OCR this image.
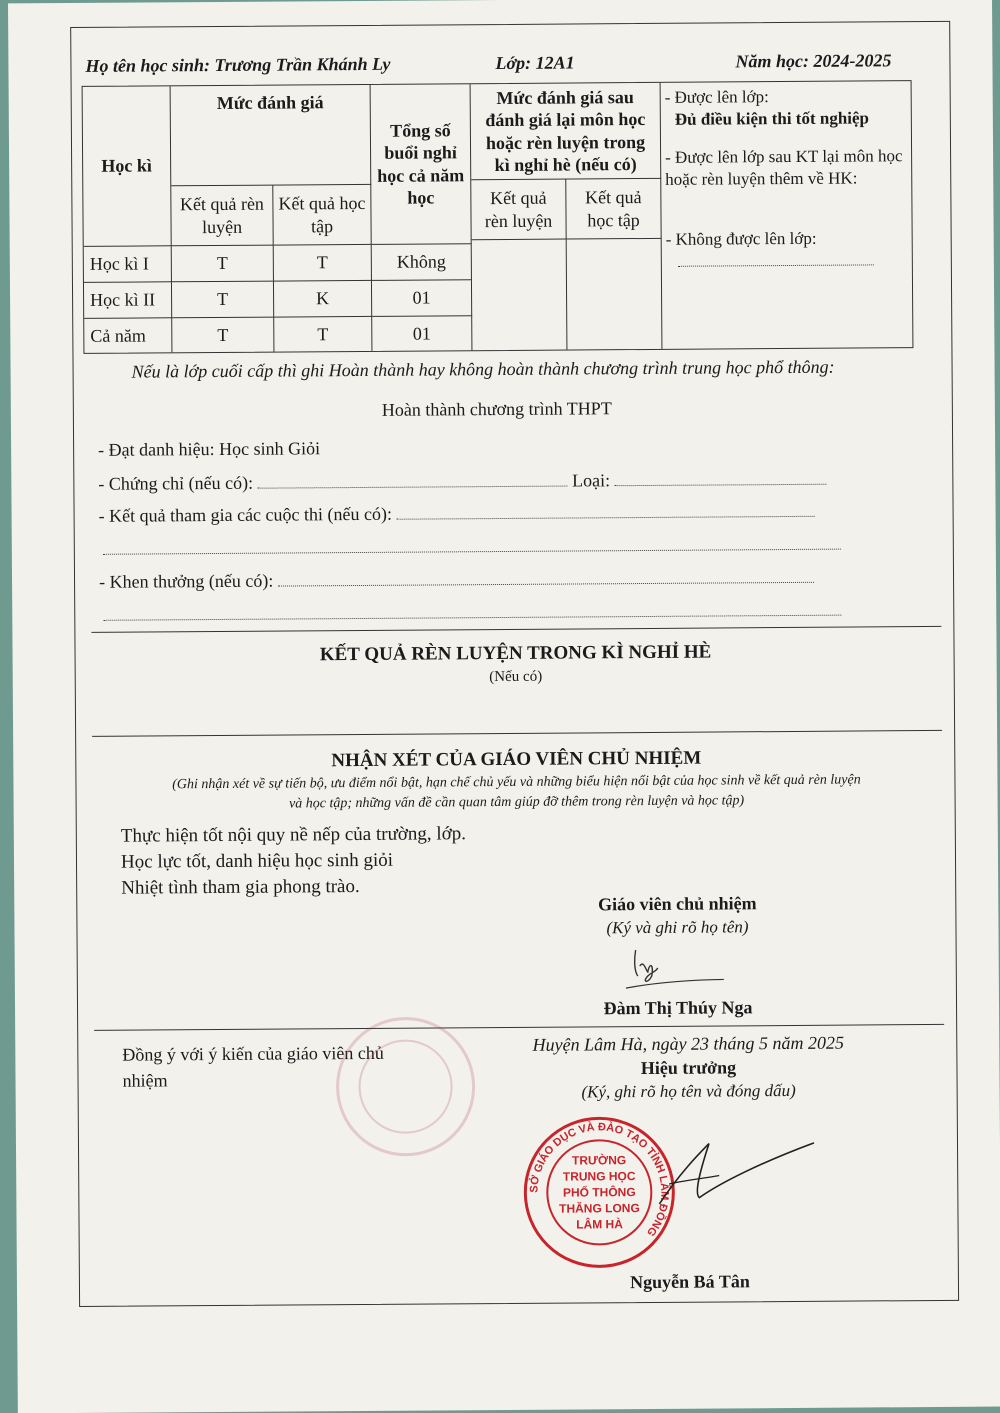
Họ tên học sinh: Trương Trần Khánh Ly	Lớp: 12A1	Năm học: 2024-2025
Học kì
Mức đánh giá
Kết quả rèn luyện
Kết quả học tập
Tổng số buổi nghỉ học cả năm học
Mức đánh giá sau đánh giá lại môn học hoặc rèn luyện trong kì nghỉ hè (nếu có)
Kết quả rèn luyện
Kết quả học tập
Học kì I	T	T	Không
Học kì II	T	K	01
Cả năm	T	T	01
- Được lên lớp:
Đủ điều kiện thi tốt nghiệp
- Được lên lớp sau KT lại môn học hoặc rèn luyện thêm về HK:
- Không được lên lớp:
Nếu là lớp cuối cấp thì ghi Hoàn thành hay không hoàn thành chương trình trung học phổ thông:
Hoàn thành chương trình THPT
- Đạt danh hiệu: Học sinh Giỏi
- Chứng chỉ (nếu có):	Loại:
- Kết quả tham gia các cuộc thi (nếu có):
- Khen thưởng (nếu có):
KẾT QUẢ RÈN LUYỆN TRONG KÌ NGHỈ HÈ
(Nếu có)
NHẬN XÉT CỦA GIÁO VIÊN CHỦ NHIỆM
(Ghi nhận xét về sự tiến bộ, ưu điểm nổi bật, hạn chế chủ yếu và những biểu hiện nổi bật của học sinh về kết quả rèn luyện
và học tập; những vấn đề cần quan tâm giúp đỡ thêm trong rèn luyện và học tập)
Thực hiện tốt nội quy nề nếp của trường, lớp.
Học lực tốt, danh hiệu học sinh giỏi
Nhiệt tình tham gia phong trào.
Giáo viên chủ nhiệm
(Ký và ghi rõ họ tên)
Đàm Thị Thúy Nga
Đồng ý với ý kiến của giáo viên chủ nhiệm
Huyện Lâm Hà, ngày 23 tháng 5 năm 2025
Hiệu trưởng
(Ký, ghi rõ họ tên và đóng dấu)
SỞ GIÁO DỤC VÀ ĐÀO TẠO TỈNH LÂM ĐỒNG
TRƯỜNG
TRUNG HỌC
PHỔ THÔNG
THĂNG LONG
LÂM HÀ
Nguyễn Bá Tân
